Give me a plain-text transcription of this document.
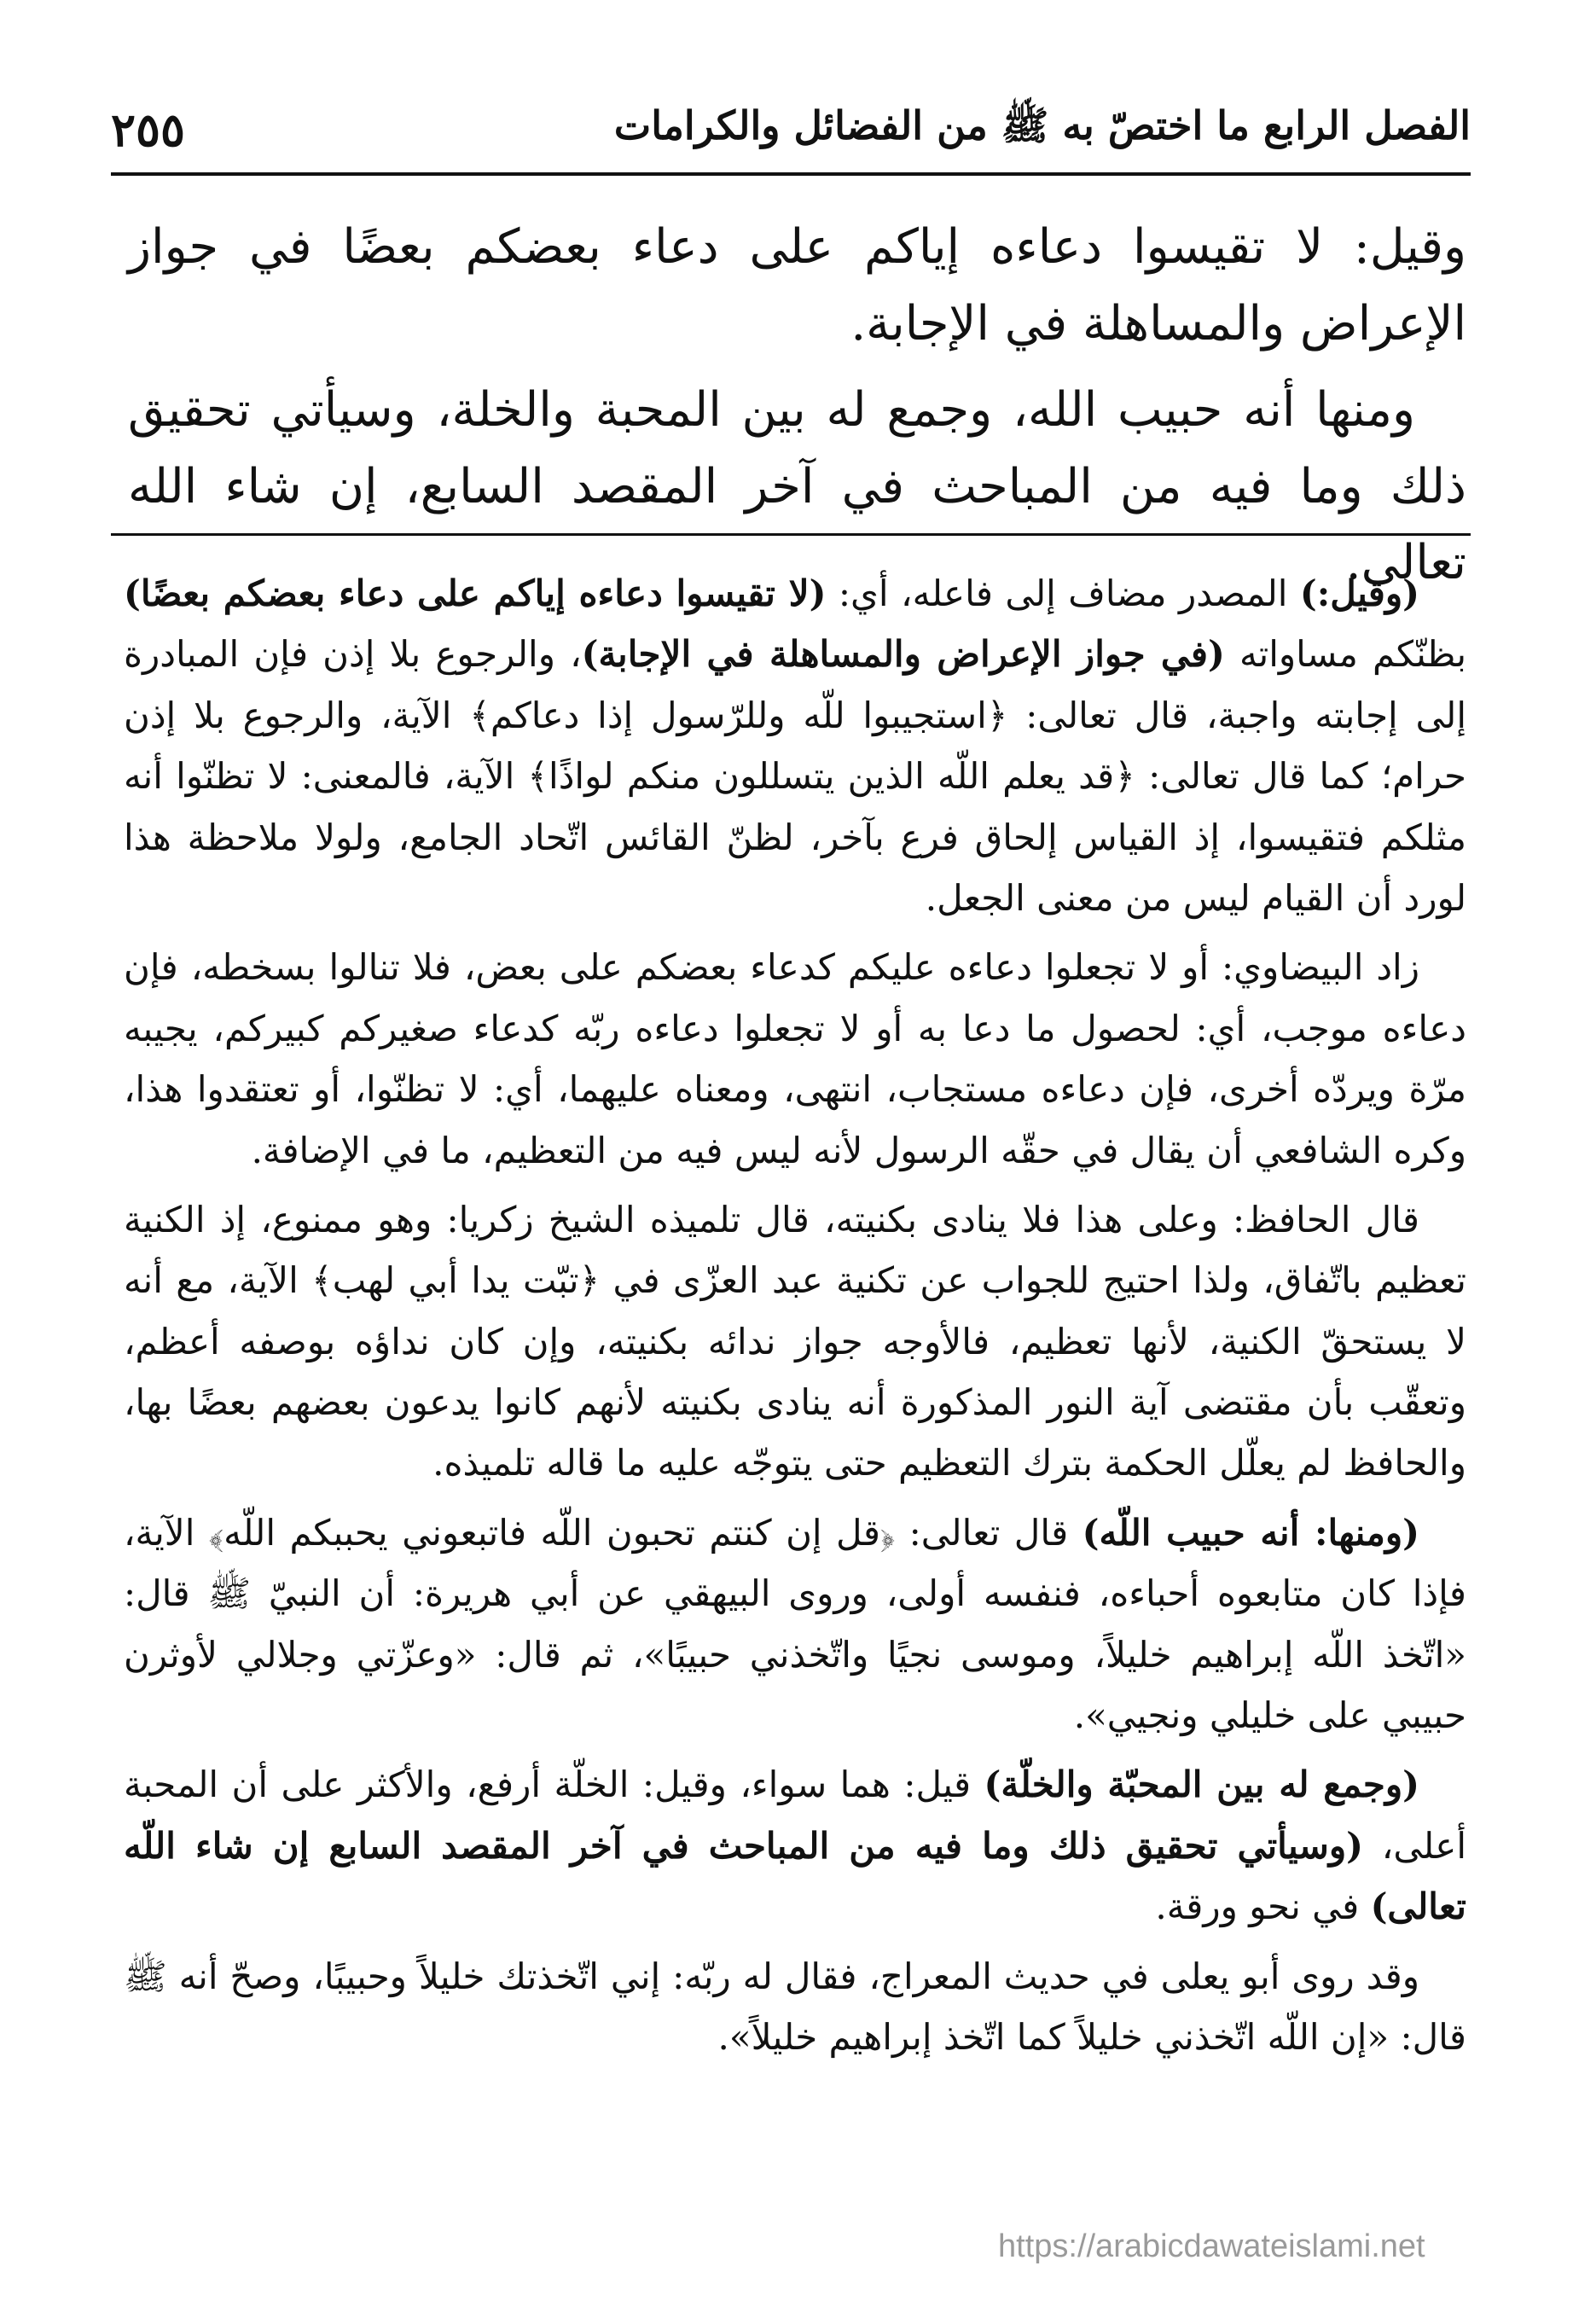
الفصل الرابع ما اختصّ به ﷺ من الفضائل والكرامات
٢٥٥

وقيل: لا تقيسوا دعاءه إياكم على دعاء بعضكم بعضًا في جواز الإعراض والمساهلة في الإجابة.

ومنها أنه حبيب الله، وجمع له بين المحبة والخلة، وسيأتي تحقيق ذلك وما فيه من المباحث في آخر المقصد السابع، إن شاء الله تعالى.

(وقيل:) المصدر مضاف إلى فاعله، أي: (لا تقيسوا دعاءه إياكم على دعاء بعضكم بعضًا) بظنّكم مساواته (في جواز الإعراض والمساهلة في الإجابة)، والرجوع بلا إذن فإن المبادرة إلى إجابته واجبة، قال تعالى: ﴿استجيبوا للّه وللرّسول إذا دعاكم﴾ الآية، والرجوع بلا إذن حرام؛ كما قال تعالى: ﴿قد يعلم اللّه الذين يتسللون منكم لواذًا﴾ الآية، فالمعنى: لا تظنّوا أنه مثلكم فتقيسوا، إذ القياس إلحاق فرع بآخر، لظنّ القائس اتّحاد الجامع، ولولا ملاحظة هذا لورد أن القيام ليس من معنى الجعل.

زاد البيضاوي: أو لا تجعلوا دعاءه عليكم كدعاء بعضكم على بعض، فلا تنالوا بسخطه، فإن دعاءه موجب، أي: لحصول ما دعا به أو لا تجعلوا دعاءه ربّه كدعاء صغيركم كبيركم، يجيبه مرّة ويردّه أخرى، فإن دعاءه مستجاب، انتهى، ومعناه عليهما، أي: لا تظنّوا، أو تعتقدوا هذا، وكره الشافعي أن يقال في حقّه الرسول لأنه ليس فيه من التعظيم، ما في الإضافة.

قال الحافظ: وعلى هذا فلا ينادى بكنيته، قال تلميذه الشيخ زكريا: وهو ممنوع، إذ الكنية تعظيم باتّفاق، ولذا احتيج للجواب عن تكنية عبد العزّى في ﴿تبّت يدا أبي لهب﴾ الآية، مع أنه لا يستحقّ الكنية، لأنها تعظيم، فالأوجه جواز ندائه بكنيته، وإن كان نداؤه بوصفه أعظم، وتعقّب بأن مقتضى آية النور المذكورة أنه ينادى بكنيته لأنهم كانوا يدعون بعضهم بعضًا بها، والحافظ لم يعلّل الحكمة بترك التعظيم حتى يتوجّه عليه ما قاله تلميذه.

(ومنها: أنه حبيب اللّه) قال تعالى: ﴿قل إن كنتم تحبون اللّه فاتبعوني يحببكم اللّه﴾ الآية، فإذا كان متابعوه أحباءه، فنفسه أولى، وروى البيهقي عن أبي هريرة: أن النبيّ ﷺ قال: «اتّخذ اللّه إبراهيم خليلاً، وموسى نجيًا واتّخذني حبيبًا»، ثم قال: «وعزّتي وجلالي لأوثرن حبيبي على خليلي ونجيي».

(وجمع له بين المحبّة والخلّة) قيل: هما سواء، وقيل: الخلّة أرفع، والأكثر على أن المحبة أعلى، (وسيأتي تحقيق ذلك وما فيه من المباحث في آخر المقصد السابع إن شاء اللّه تعالى) في نحو ورقة.

وقد روى أبو يعلى في حديث المعراج، فقال له ربّه: إني اتّخذتك خليلاً وحبيبًا، وصحّ أنه ﷺ قال: «إن اللّه اتّخذني خليلاً كما اتّخذ إبراهيم خليلاً».

https://arabicdawateislami.net
